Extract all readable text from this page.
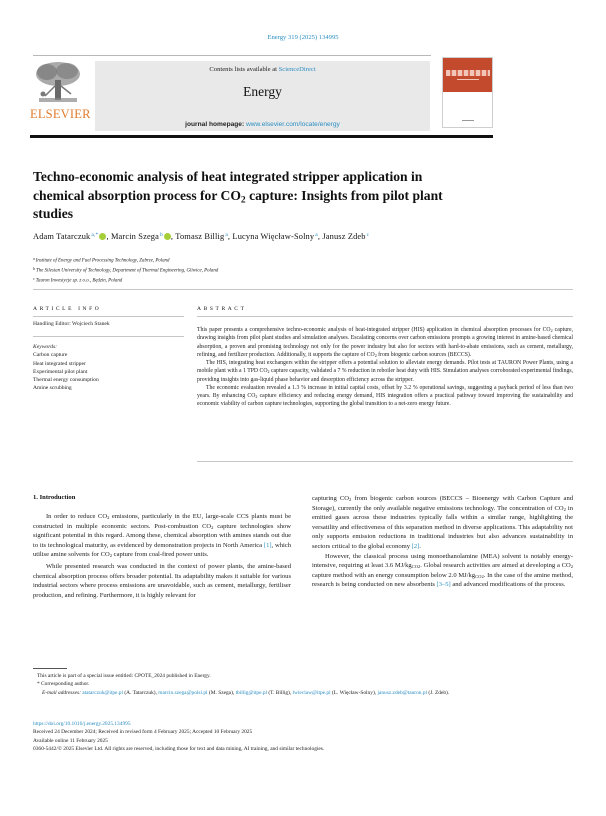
Energy 319 (2025) 134995
ELSEVIER
Contents lists available at ScienceDirect
Energy
journal homepage: www.elsevier.com/locate/energy
Techno-economic analysis of heat integrated stripper application in chemical absorption process for $CO_2$ capture: Insights from pilot plant studies
Adam Tatarczuk$^{a,*}$ , Marcin Szega$^b$ , Tomasz Billig$^a$, Lucyna Więcław-Solny$^a$, Janusz Zdeb$^c$
$^a$Institute of Energy and Fuel Processing Technology, Zabrze, Poland
$^b$The Silesian University of Technology, Department of Thermal Engineering, Gliwice, Poland
$^c$Tauron Inwestycje sp. z o.o., Będzin, Poland
ARTICLE INFO
Handling Editor: Wojciech Stanek
Keywords:
Carbon capture
Heat integrated stripper
Experimental pilot plant
Thermal energy consumption
Amine scrubbing
ABSTRACT

This paper presents a comprehensive techno-economic analysis of heat-integrated stripper (HIS) application in chemical absorption processes for $CO_2$ capture, drawing insights from pilot plant studies and simulation analyses. Escalating concerns over carbon emissions prompts a growing interest in amine-based chemical absorption, a proven and promising technology not only for the power industry but also for sectors with hard-to-abate emissions, such as cement, metallurgy, refining, and fertilizer production. Additionally, it supports the capture of $CO_2$ from biogenic carbon sources (BECCS).

The HIS, integrating heat exchangers within the stripper offers a potential solution to alleviate energy demands. Pilot tests at TAURON Power Plants, using a mobile plant with a 1 TPD $CO_2$ capture capacity, validated a 7 % reduction in reboiler heat duty with HIS. Simulation analyses corroborated experimental findings, providing insights into gas-liquid phase behavior and desorption efficiency across the stripper.

The economic evaluation revealed a 1.3 % increase in initial capital costs, offset by 3.2 % operational savings, suggesting a payback period of less than two years. By enhancing $CO_2$ capture efficiency and reducing energy demand, HIS integration offers a practical pathway toward improving the sustainability and economic viability of carbon capture technologies, supporting the global transition to a net-zero energy future.

1. Introduction

In order to reduce $CO_2$ emissions, particularly in the EU, large-scale CCS plants must be constructed in multiple economic sectors. Post-combustion $CO_2$ capture technologies show significant potential in this regard. Among these, chemical absorption with amines stands out due to its technological maturity, as evidenced by demonstration projects in North America [1], which utilise amine solvents for $CO_2$ capture from coal-fired power units.

While presented research was conducted in the context of power plants, the amine-based chemical absorption process offers broader potential. Its adaptability makes it suitable for various industrial sectors where process emissions are unavoidable, such as cement, metallurgy, fertiliser production, and refining. Furthermore, it is highly relevant for

capturing $CO_2$ from biogenic carbon sources (BECCS – Bioenergy with Carbon Capture and Storage), currently the only available negative emissions technology. The concentration of $CO_2$ in emitted gases across these industries typically falls within a similar range, highlighting the versatility and effectiveness of this separation method in diverse applications. This adaptability not only supports emission reductions in traditional industries but also advances sustainability in sectors critical to the global economy [2].

However, the classical process using monoethanolamine (MEA) solvent is notably energy-intensive, requiring at least 3.6 $MJ/kg_{CO2}$. Global research activities are aimed at developing a $CO_2$ capture method with an energy consumption below 2.0 $MJ/kg_{CO2}$. In the case of the amine method, research is being conducted on new absorbents [3–5] and advanced modifications of the process.

This article is part of a special issue entitled: CPOTE_2024 published in Energy.
* Corresponding author.
E-mail addresses: atatarczuk@itpe.pl (A. Tatarczuk), marcin.szega@polsl.pl (M. Szega), tbillig@itpe.pl (T. Billig), lwieclaw@itpe.pl (L. Więcław-Solny), janusz.zdeb@tauron.pl (J. Zdeb).
https://doi.org/10.1016/j.energy.2025.134995
Received 24 December 2024; Received in revised form 4 February 2025; Accepted 10 February 2025
Available online 11 February 2025
0360-5442/© 2025 Elsevier Ltd. All rights are reserved, including those for text and data mining, AI training, and similar technologies.
